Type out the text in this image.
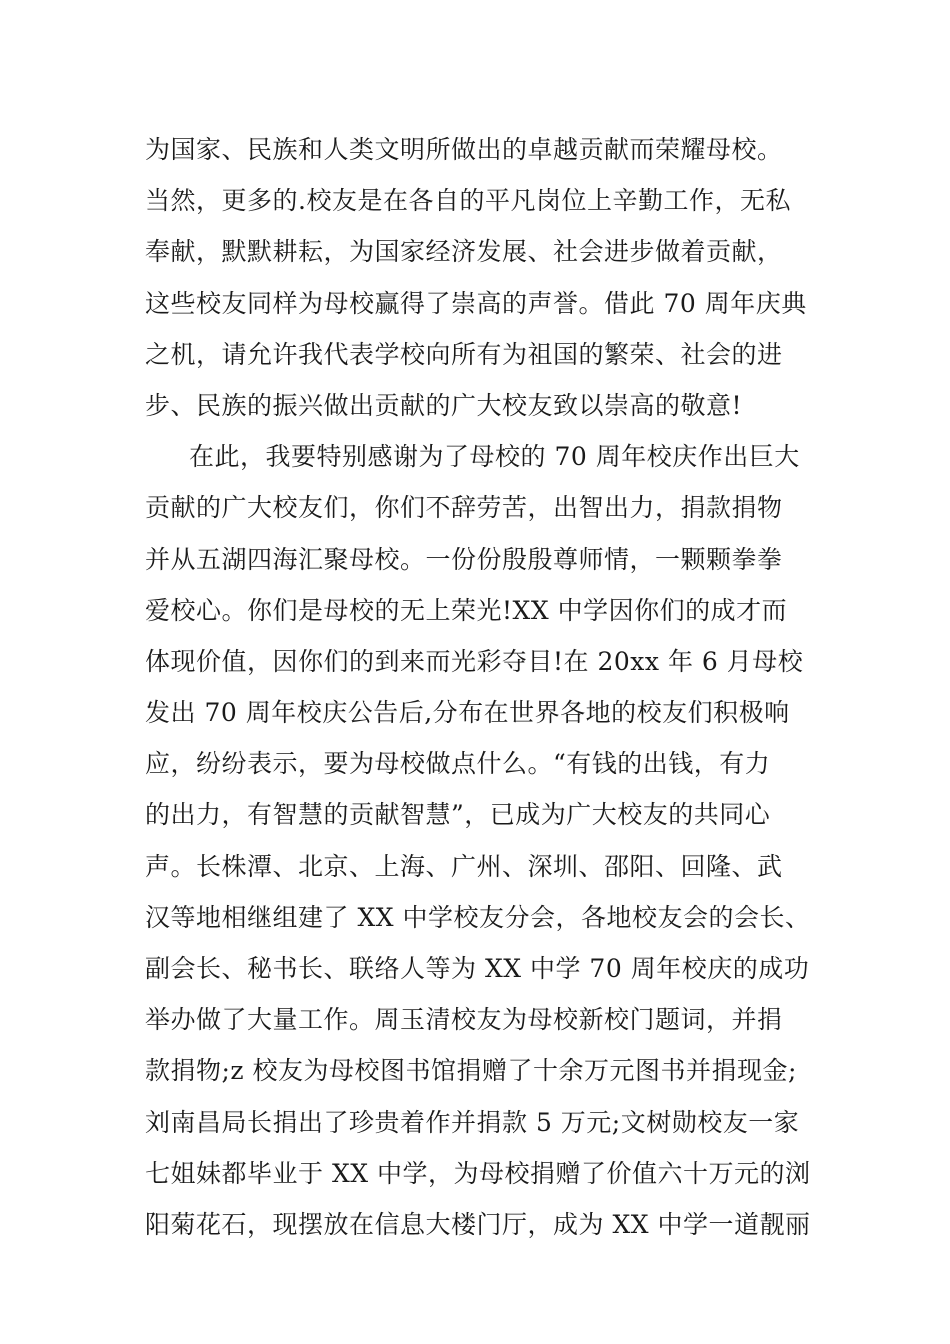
为国家、民族和人类文明所做出的卓越贡献而荣耀母校。
当然，更多的.校友是在各自的平凡岗位上辛勤工作，无私
奉献，默默耕耘，为国家经济发展、社会进步做着贡献，
这些校友同样为母校赢得了崇高的声誉。借此 70 周年庆典
之机，请允许我代表学校向所有为祖国的繁荣、社会的进
步、民族的振兴做出贡献的广大校友致以崇高的敬意!
在此，我要特别感谢为了母校的 70 周年校庆作出巨大
贡献的广大校友们，你们不辞劳苦，出智出力，捐款捐物
并从五湖四海汇聚母校。一份份殷殷尊师情，一颗颗拳拳
爱校心。你们是母校的无上荣光!XX 中学因你们的成才而
体现价值，因你们的到来而光彩夺目!在 20xx 年 6 月母校
发出 70 周年校庆公告后,分布在世界各地的校友们积极响
应，纷纷表示，要为母校做点什么。“有钱的出钱，有力
的出力，有智慧的贡献智慧”，已成为广大校友的共同心
声。长株潭、北京、上海、广州、深圳、邵阳、回隆、武
汉等地相继组建了 XX 中学校友分会，各地校友会的会长、
副会长、秘书长、联络人等为 XX 中学 70 周年校庆的成功
举办做了大量工作。周玉清校友为母校新校门题词，并捐
款捐物;z 校友为母校图书馆捐赠了十余万元图书并捐现金;
刘南昌局长捐出了珍贵着作并捐款 5 万元;文树勋校友一家
七姐妹都毕业于 XX 中学，为母校捐赠了价值六十万元的浏
阳菊花石，现摆放在信息大楼门厅，成为 XX 中学一道靓丽
